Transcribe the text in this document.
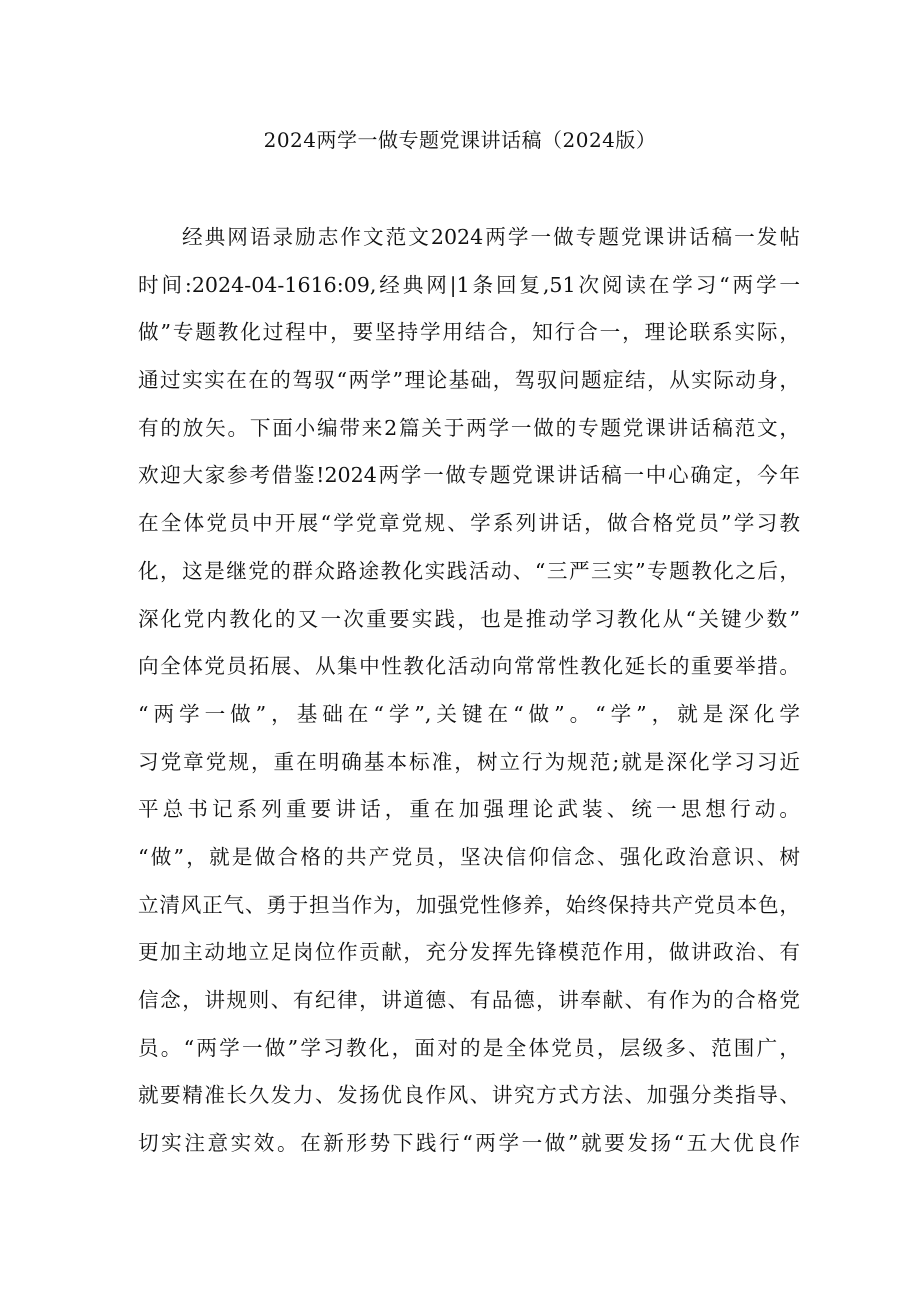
2024两学一做专题党课讲话稿（2024版）
经典网语录励志作文范文2024两学一做专题党课讲话稿一发帖
时间:2024-04-1616:09,经典网|1条回复,51次阅读在学习“两学一
做”专题教化过程中，要坚持学用结合，知行合一，理论联系实际，
通过实实在在的驾驭“两学”理论基础，驾驭问题症结，从实际动身，
有的放矢。下面小编带来2篇关于两学一做的专题党课讲话稿范文，
欢迎大家参考借鉴!2024两学一做专题党课讲话稿一中心确定，今年
在全体党员中开展“学党章党规、学系列讲话，做合格党员”学习教
化，这是继党的群众路途教化实践活动、“三严三实”专题教化之后，
深化党内教化的又一次重要实践，也是推动学习教化从“关键少数”
向全体党员拓展、从集中性教化活动向常常性教化延长的重要举措。
“两学一做”，基础在“学”,关键在“做”。“学”，就是深化学
习党章党规，重在明确基本标准，树立行为规范;就是深化学习习近
平总书记系列重要讲话，重在加强理论武装、统一思想行动。
“做”，就是做合格的共产党员，坚决信仰信念、强化政治意识、树
立清风正气、勇于担当作为，加强党性修养，始终保持共产党员本色，
更加主动地立足岗位作贡献，充分发挥先锋模范作用，做讲政治、有
信念，讲规则、有纪律，讲道德、有品德，讲奉献、有作为的合格党
员。“两学一做”学习教化，面对的是全体党员，层级多、范围广，
就要精准长久发力、发扬优良作风、讲究方式方法、加强分类指导、
切实注意实效。在新形势下践行“两学一做”就要发扬“五大优良作
